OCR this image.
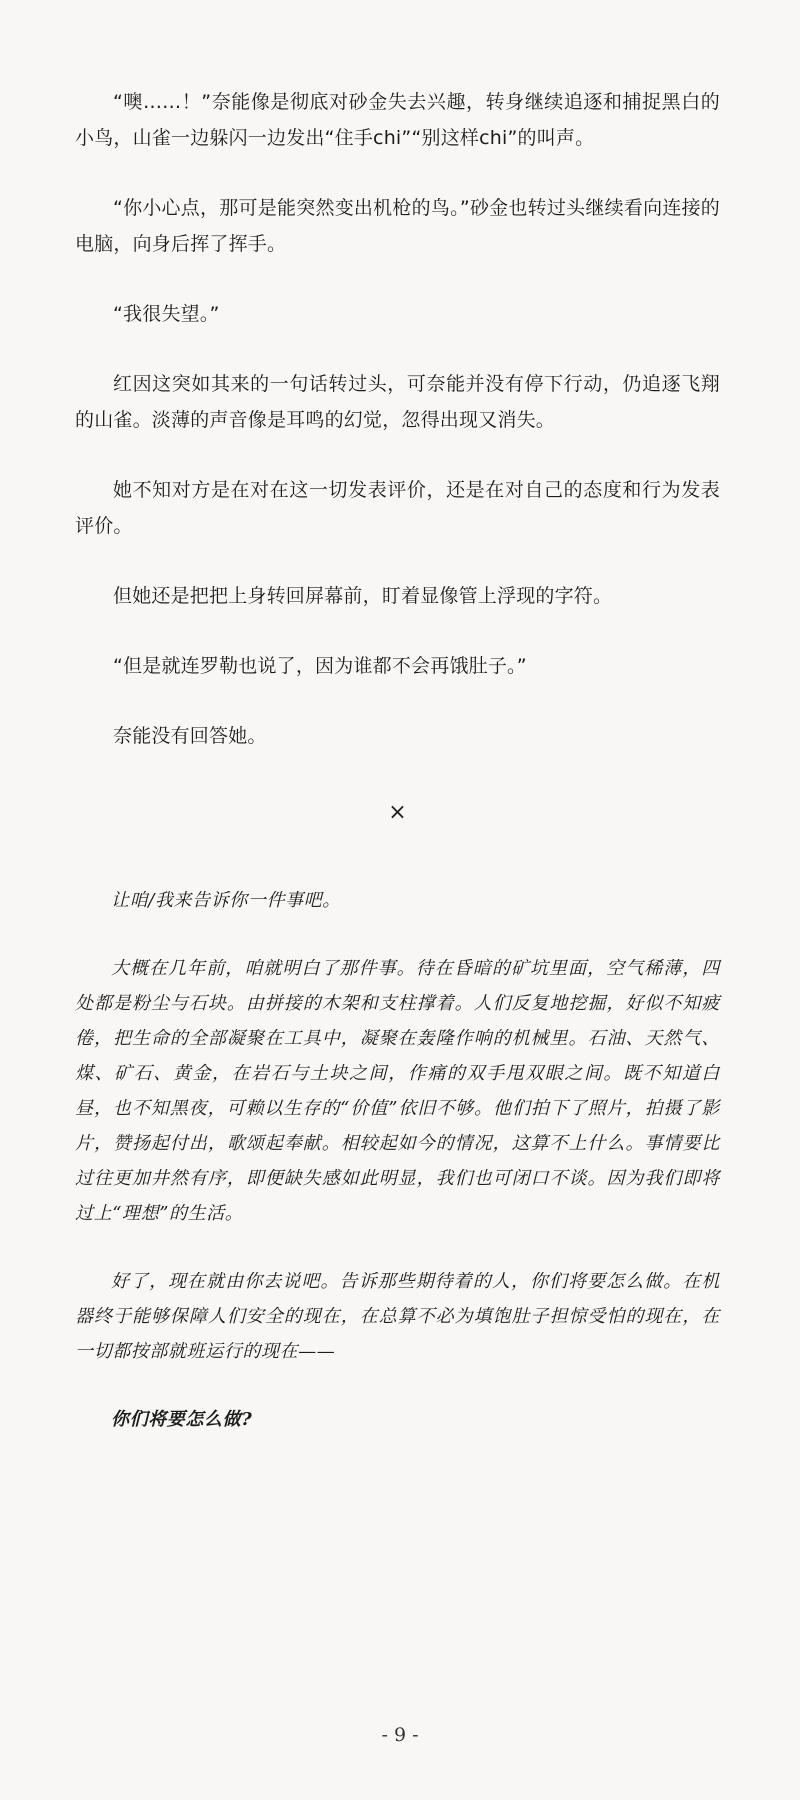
“噢……！”奈能像是彻底对砂金失去兴趣，转身继续追逐和捕捉黑白的小鸟，山雀一边躲闪一边发出“住手chi”“别这样chi”的叫声。

“你小心点，那可是能突然变出机枪的鸟。”砂金也转过头继续看向连接的电脑，向身后挥了挥手。

“我很失望。”

红因这突如其来的一句话转过头，可奈能并没有停下行动，仍追逐飞翔的山雀。淡薄的声音像是耳鸣的幻觉，忽得出现又消失。

她不知对方是在对在这一切发表评价，还是在对自己的态度和行为发表评价。

但她还是把把上身转回屏幕前，盯着显像管上浮现的字符。

“但是就连罗勒也说了，因为谁都不会再饿肚子。”

奈能没有回答她。

×

让咱/我来告诉你一件事吧。

大概在几年前，咱就明白了那件事。待在昏暗的矿坑里面，空气稀薄，四处都是粉尘与石块。由拼接的木架和支柱撑着。人们反复地挖掘，好似不知疲倦，把生命的全部凝聚在工具中，凝聚在轰隆作响的机械里。石油、天然气、煤、矿石、黄金，在岩石与土块之间，作痛的双手甩双眼之间。既不知道白昼，也不知黑夜，可赖以生存的“价值”依旧不够。他们拍下了照片，拍摄了影片，赞扬起付出，歌颂起奉献。相较起如今的情况，这算不上什么。事情要比过往更加井然有序，即便缺失感如此明显，我们也可闭口不谈。因为我们即将过上“理想”的生活。

好了，现在就由你去说吧。告诉那些期待着的人，你们将要怎么做。在机器终于能够保障人们安全的现在，在总算不必为填饱肚子担惊受怕的现在，在一切都按部就班运行的现在——

你们将要怎么做?

- 9 -
